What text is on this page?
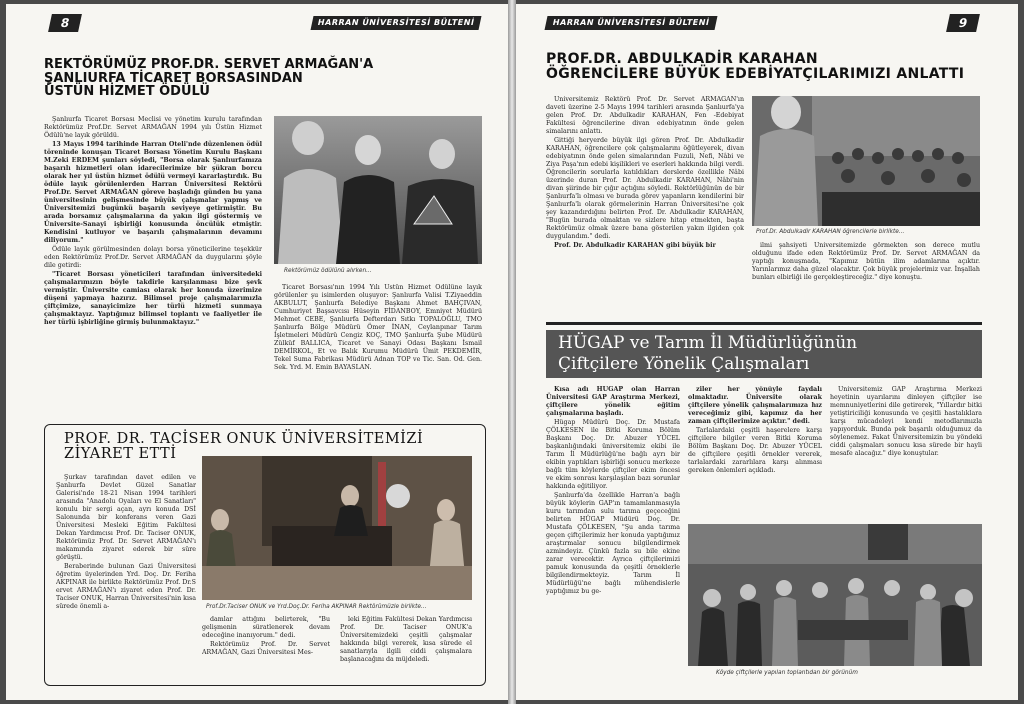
8	HARRAN ÜNİVERSİTESİ BÜLTENİ
REKTÖRÜMÜZ PROF.DR. SERVET ARMAĞAN'A
ŞANLIURFA TİCARET BORSASINDAN
ÜSTÜN HİZMET ÖDÜLÜ

Şanlıurfa Ticaret Borsası Meclisi ve yönetim kurulu tarafından Rektörümüz Prof.Dr. Servet ARMAĞAN 1994 yılı Üstün Hizmet Ödülü'ne layık görüldü.

13 Mayıs 1994 tarihinde Harran Oteli'nde düzenlenen ödül töreninde konuşan Ticaret Borsası Yönetim Kurulu Başkanı M.Zeki ERDEM şunları söyledi, "Borsa olarak Şanlıurfamıza başarılı hizmetleri olan idarecilerimize bir şükran borcu olarak her yıl üstün hizmet ödülü vermeyi kararlaştırdık. Bu ödüle layık görülenlerden Harran Üniversitesi Rektörü Prof.Dr. Servet ARMAĞAN görevе başladığı günden bu yana üniversitesinin gelişmesinde büyük çalışmalar yapmış ve Üniversitemizi bugünkü başarılı seviyeye getirmiştir. Bu arada borsamız çalışmalarına da yakın ilgi göstermiş ve Üniversite-Sanayi işbirliği konusunda öncülük etmiştir. Kendisini kutluyor ve başarılı çalışmalarının devamını diliyorum."

Ödüle layık görülmesinden dolayı borsa yöneticilerine teşekkür eden Rektörümüz Prof.Dr. Servet ARMAĞAN da duygularını şöyle dile getirdi:

"Ticaret Borsası yöneticileri tarafından üniversitedeki çalışmalarımızın böyle takdirle karşılanması bize şevk vermiştir. Üniversite camiası olarak her konuda üzerimize düşeni yapmaya hazırız. Bilimsel proje çalışmalarımızla çiftçimize, sanayicimize her türlü hizmeti sunmaya çalışmaktayız. Yaptığımız bilimsel toplantı ve faaliyetler ile her türlü işbirliğine girmiş bulunmaktayız."

Rektörümüz ödülünü alırken...

Ticaret Borsası'nın 1994 Yılı Üstün Hizmet Ödülüne layık görülenler şu isimlerden oluşuyor: Şanlıurfa Valisi T.Ziyaeddin AKBULUT, Şanlıurfa Belediye Başkanı Ahmet BAHÇIVAN, Cumhuriyet Başsavcısı Hüseyin FİDANBOY, Emniyet Müdürü Mehmet CEBE, Şanlıurfa Defterdarı Sıtkı TOPALOĞLU, TMO Şanlıurfa Bölge Müdürü Ömer İNAN, Ceylanpınar Tarım İşletmeleri Müdürü Cengiz KOÇ, TMO Şanlıurfa Şube Müdürü Zülküf BALLICA, Ticaret ve Sanayi Odası Başkanı İsmail DEMİRKOL, Et ve Balık Kurumu Müdürü Ümit PEKDEMİR, Tekel Suma Fabrikası Müdürü Adnan TOP ve Tic. San. Od. Gen. Sek. Yrd. M. Emin BAYASLAN.

PROF. DR. TACİSER ONUK ÜNİVERSİTEMİZİ
ZİYARET ETTİ

Şurkav tarafından davet edilen ve Şanlıurfa Devlet Güzel Sanatlar Galerisi'nde 18-21 Nisan 1994 tarihleri arasında "Anadolu Oyaları ve El Sanatları" konulu bir sergi açan, ayrı konuda DSİ Salonunda bir konferans veren Gazi Üniversitesi Mesleki Eğitim Fakültesi Dekan Yardımcısı Prof. Dr. Taciser ONUK, Rektörümüz Prof. Dr. Servet ARMAĞAN'ı makamında ziyaret ederek bir süre görüştü.

Beraberinde bulunan Gazi Üniversitesi öğretim üyelerinden Yrd. Doç. Dr. Feriha AKPINAR ile birlikte Rektörümüz Prof. Dr.S ervet ARMAĞAN'ı ziyaret eden Prof. Dr. Taciser ONUK, Harran Üniversitesi'nin kısa sürede önemli a-	Prof.Dr.Taciser ONUK ve Yrd.Doç.Dr. Feriha AKPINAR Rektörümüzle birlikte...

damlar attığını belirterek, "Bu gelişmenin süratlenerek devam edeceğine inanıyorum." dedi.

Rektörümüz Prof. Dr. Servet ARMAĞAN, Gazi Üniversitesi Mes-

leki Eğitim Fakültesi Dekan Yardımcısı Prof. Dr. Taciser ONUK'a Üniversitemizdeki çeşitli çalışmalar hakkında bilgi vererek, kısa sürede el sanatlarıyla ilgili ciddi çalışmalara başlanacağını da müjdeledi.

HARRAN ÜNİVERSİTESİ BÜLTENİ	9
PROF.DR. ABDULKADİR KARAHAN
ÖĞRENCİLERE BÜYÜK EDEBİYATÇILARIMIZI ANLATTI

Üniversitemiz Rektörü Prof. Dr. Servet ARMAĞAN'ın daveti üzerine 2-5 Mayıs 1994 tarihleri arasında Şanlıurfa'ya gelen Prof. Dr. Abdulkadir KARAHAN, Fen -Edebiyat Fakültesi öğrencilerine divan edebiyatının önde gelen simalarını anlattı.

Gittiği heryerde büyük ilgi gören Prof. Dr. Abdulkadir KARAHAN, öğrencilere çok çalışmalarını öğütleyerek, divan edebiyatının önde gelen simalarından Fuzuli, Nefi, Nâbi ve Ziya Paşa'nın edebi kişilikleri ve eserleri hakkında bilgi verdi. Öğrencilerin sorularla katıldıkları derslerde özellikle Nâbi üzerinde duran Prof. Dr. Abdulkadir KARAHAN, Nâbi'nin divan şiirinde bir çığır açtığını söyledi. Rektörlüğünün de bir Şanlıurfa'lı olması ve burada görev yapanların kendilerini bir Şanlıurfa'lı olarak görmelerinin Harran Üniversitesi'ne çok şey kazandırdığını belirten Prof. Dr. Abdulkadir KARAHAN, "Bugün burada olmaktan ve sizlere hitap etmekten, başta Rektörümüz olmak üzere bana gösterilen yakın ilgiden çok duygulandım." dedi.

Prof. Dr. Abdulkadir KARAHAN gibi büyük bir

Prof.Dr. Abdulkadir KARAHAN öğrencilerle birlikte...

ilmi şahsiyeti Üniversitemizde görmekten son derece mutlu olduğunu ifade eden Rektörümüz Prof. Dr. Servet ARMAĞAN da yaptığı konuşmada, "Kapımız bütün ilim adamlarına açıktır. Yarınlarımız daha güzel olacaktır. Çok büyük projelerimiz var. İnşallah bunları elbirliği ile gerçekleştireceğiz." diye konuştu.

HÜGAP ve Tarım İl Müdürlüğünün
Çiftçilere Yönelik Çalışmaları

Kısa adı HÜGAP olan Harran Üniversitesi GAP Araştırma Merkezi, çiftçilere yönelik eğitim çalışmalarına başladı.

Hügap Müdürü Doç. Dr. Mustafa ÇÖLKESEN ile Bitki Koruma Bölüm Başkanı Doç. Dr. Abuzer YÜCEL başkanlığındaki üniversitemiz ekibi ile Tarım İl Müdürlüğü'ne bağlı ayrı bir ekibin yaptıkları işbirliği sonucu merkeze bağlı tüm köylerde çiftçiler ekim öncesi ve ekim sonrası karşılaşılan bazı sorunlar hakkında eğitiliyor.

Şanlıurfa'da özellikle Harran'a bağlı büyük köylerin GAP'ın tamamlanmasıyla kuru tarımdan sulu tarıma geçeceğini belirten HÜGAP Müdürü Doç. Dr. Mustafa ÇÖLKESEN, "Şu anda tarıma geçen çiftçilerimiz her konuda yaptığımız araştırmalar sonucu bilgilendirmek azmindeyiz. Çünkü fazla su bile ekine zarar verecektir. Ayrıca çiftçilerimizi pamuk konusunda da çeşitli örneklerle bilgilendirmekteyiz. Tarım İl Müdürlüğü'ne bağlı mühendislerle yaptığımız bu ge-

ziler her yönüyle faydalı olmaktadır. Üniversite olarak çiftçilere yönelik çalışmalarımıza hız vereceğimiz gibi, kapımız da her zaman çiftçilerimize açıktır." dedi.

Tarlalardaki çeşitli haşerelere karşı çiftçilere bilgiler veren Bitki Koruma Bölüm Başkanı Doç. Dr. Abuzer YÜCEL de çiftçilere çeşitli örnekler vererek, tarlalardaki zararlılara karşı alınması gereken önlemleri açıkladı.

Üniversitemiz GAP Araştırma Merkezi heyetinin uyarılarını dinleyen çiftçiler ise memnuniyetlerini dile getirerek, "Yıllardır bitki yetiştiriciliği konusunda ve çeşitli hastalıklara karşı mücadeleyi kendi metodlarımızla yapıyorduk. Bunda pek başarılı olduğumuz da söylenemez. Fakat Üniversitemizin bu yöndeki ciddi çalışmaları sonucu kısa sürede bir hayli mesafe alacağız." diye konuştular.

Köyde çiftçilerle yapılan toplantıdan bir görünüm
